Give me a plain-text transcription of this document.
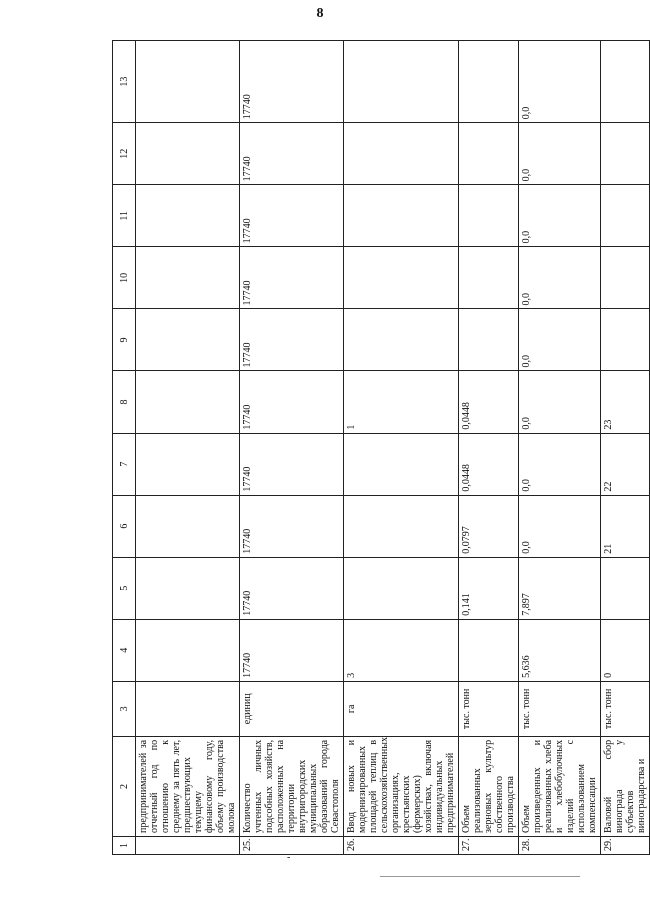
8
1	2	3	4	5	6	7	8	9	10	11	12	13
	предпринимателей за отчетный год по отношению к среднему за пять лет, предшествующих текущему финансовому году, объему производства молока											
25.	Количество учтенных личных подсобных хозяйств, расположенных на территории внутригородских муниципальных образований города Севастополя	единиц	17740	17740	17740	17740	17740	17740	17740	17740	17740	17740
26.	Ввод новых и модернизированных площадей теплиц в сельскохозяйственных организациях, крестьянских (фермерских) хозяйствах, включая индивидуальных предпринимателей	га	3				1					
27.	Объем реализованных зерновых культур собственного производства	тыс. тонн		0,141	0,0797	0,0448	0,0448					
28.	Объем произведенных и реализованных хлеба и хлебобулочных изделий с использованием компенсации	тыс. тонн	5,636	7,897	0,0	0,0	0,0	0,0	0,0	0,0	0,0	0,0
29.	Валовой сбор винограда у субъектов виноградарства и	тыс. тонн	0		21	22	23					
-
